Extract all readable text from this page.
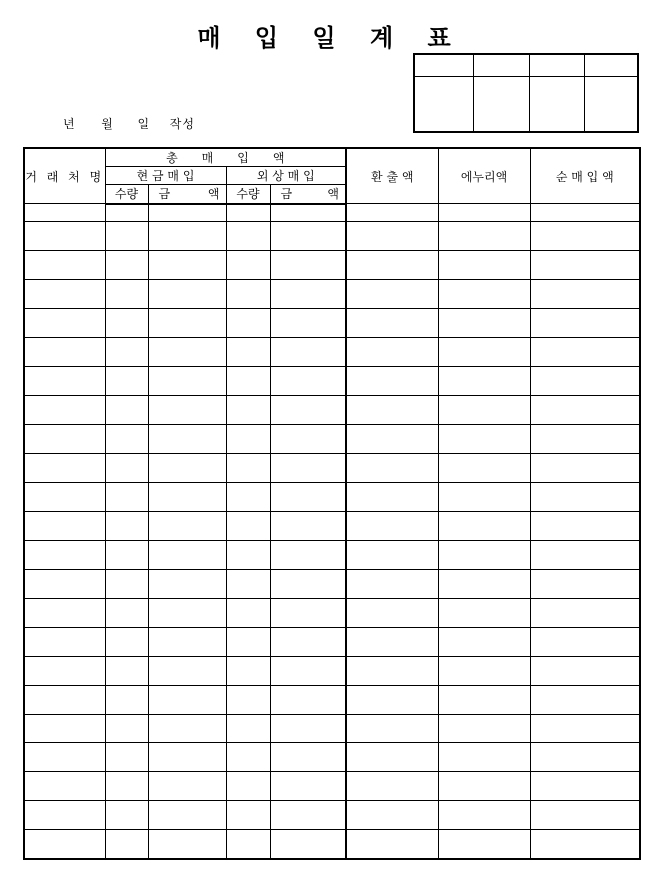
매 입 일 계 표
년 월 일 작성
거 래 처 명	총　　매　　입　　액				환 출 액	에누리액	순 매 입 액
	현 금 매 입		외 상 매 입				
	수량	금 액	수량	금 액			
